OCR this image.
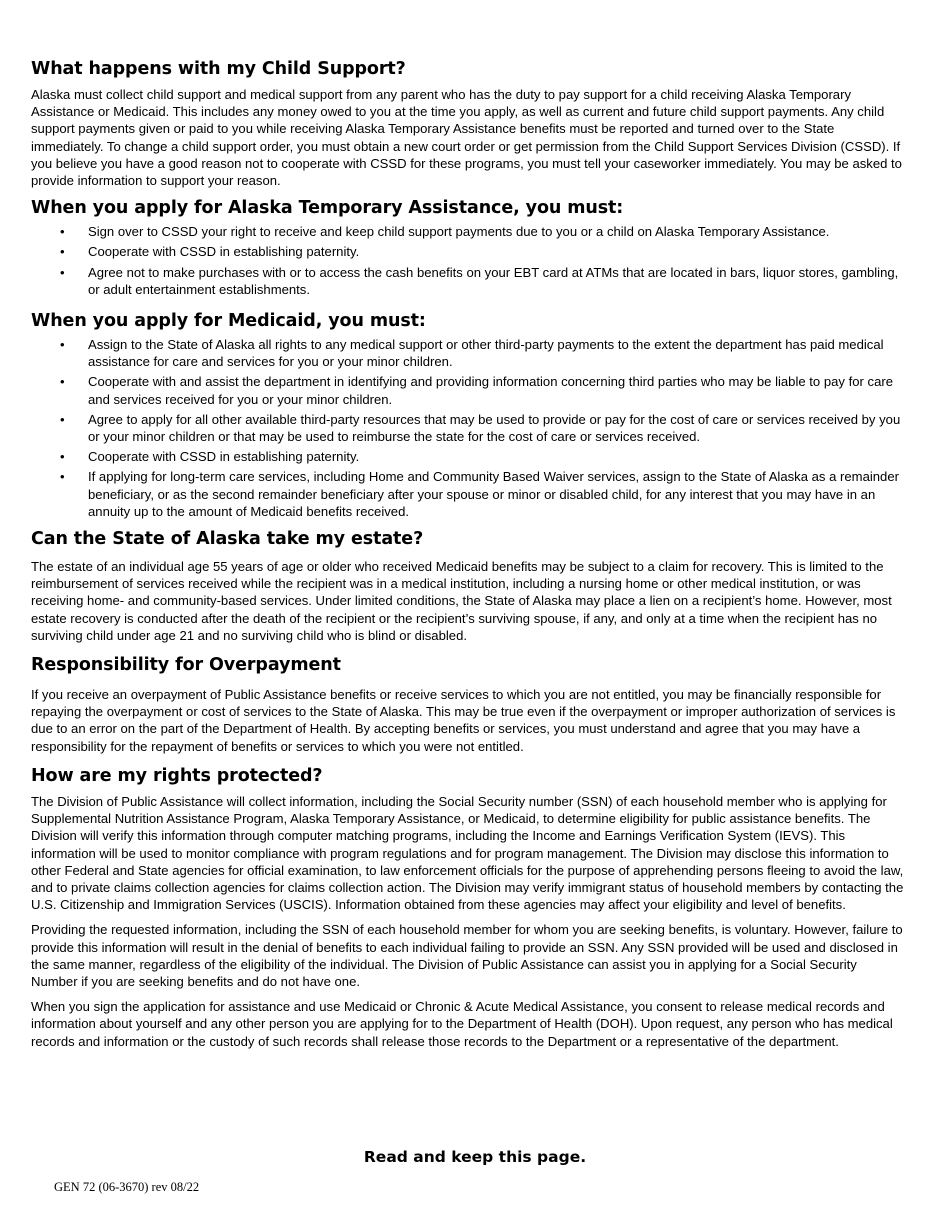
What happens with my Child Support?

Alaska must collect child support and medical support from any parent who has the duty to pay support for a child receiving Alaska Temporary Assistance or Medicaid. This includes any money owed to you at the time you apply, as well as current and future child support payments. Any child support payments given or paid to you while receiving Alaska Temporary Assistance benefits must be reported and turned over to the State immediately. To change a child support order, you must obtain a new court order or get permission from the Child Support Services Division (CSSD). If you believe you have a good reason not to cooperate with CSSD for these programs, you must tell your caseworker immediately. You may be asked to provide information to support your reason.

When you apply for Alaska Temporary Assistance, you must:
• Sign over to CSSD your right to receive and keep child support payments due to you or a child on Alaska Temporary Assistance.
• Cooperate with CSSD in establishing paternity.
• Agree not to make purchases with or to access the cash benefits on your EBT card at ATMs that are located in bars, liquor stores, gambling, or adult entertainment establishments.
When you apply for Medicaid, you must:
• Assign to the State of Alaska all rights to any medical support or other third-party payments to the extent the department has paid medical assistance for care and services for you or your minor children.
• Cooperate with and assist the department in identifying and providing information concerning third parties who may be liable to pay for care and services received for you or your minor children.
• Agree to apply for all other available third-party resources that may be used to provide or pay for the cost of care or services received by you or your minor children or that may be used to reimburse the state for the cost of care or services received.
• Cooperate with CSSD in establishing paternity.
• If applying for long-term care services, including Home and Community Based Waiver services, assign to the State of Alaska as a remainder beneficiary, or as the second remainder beneficiary after your spouse or minor or disabled child, for any interest that you may have in an annuity up to the amount of Medicaid benefits received.
Can the State of Alaska take my estate?

The estate of an individual age 55 years of age or older who received Medicaid benefits may be subject to a claim for recovery. This is limited to the reimbursement of services received while the recipient was in a medical institution, including a nursing home or other medical institution, or was receiving home- and community-based services. Under limited conditions, the State of Alaska may place a lien on a recipient’s home. However, most estate recovery is conducted after the death of the recipient or the recipient’s surviving spouse, if any, and only at a time when the recipient has no surviving child under age 21 and no surviving child who is blind or disabled.

Responsibility for Overpayment

If you receive an overpayment of Public Assistance benefits or receive services to which you are not entitled, you may be financially responsible for repaying the overpayment or cost of services to the State of Alaska. This may be true even if the overpayment or improper authorization of services is due to an error on the part of the Department of Health. By accepting benefits or services, you must understand and agree that you may have a responsibility for the repayment of benefits or services to which you were not entitled.

How are my rights protected?

The Division of Public Assistance will collect information, including the Social Security number (SSN) of each household member who is applying for Supplemental Nutrition Assistance Program, Alaska Temporary Assistance, or Medicaid, to determine eligibility for public assistance benefits. The Division will verify this information through computer matching programs, including the Income and Earnings Verification System (IEVS). This information will be used to monitor compliance with program regulations and for program management. The Division may disclose this information to other Federal and State agencies for official examination, to law enforcement officials for the purpose of apprehending persons fleeing to avoid the law, and to private claims collection agencies for claims collection action. The Division may verify immigrant status of household members by contacting the U.S. Citizenship and Immigration Services (USCIS). Information obtained from these agencies may affect your eligibility and level of benefits.

Providing the requested information, including the SSN of each household member for whom you are seeking benefits, is voluntary. However, failure to provide this information will result in the denial of benefits to each individual failing to provide an SSN. Any SSN provided will be used and disclosed in the same manner, regardless of the eligibility of the individual. The Division of Public Assistance can assist you in applying for a Social Security Number if you are seeking benefits and do not have one.

When you sign the application for assistance and use Medicaid or Chronic & Acute Medical Assistance, you consent to release medical records and information about yourself and any other person you are applying for to the Department of Health (DOH). Upon request, any person who has medical records and information or the custody of such records shall release those records to the Department or a representative of the department.

Read and keep this page.
GEN 72 (06-3670) rev 08/22
